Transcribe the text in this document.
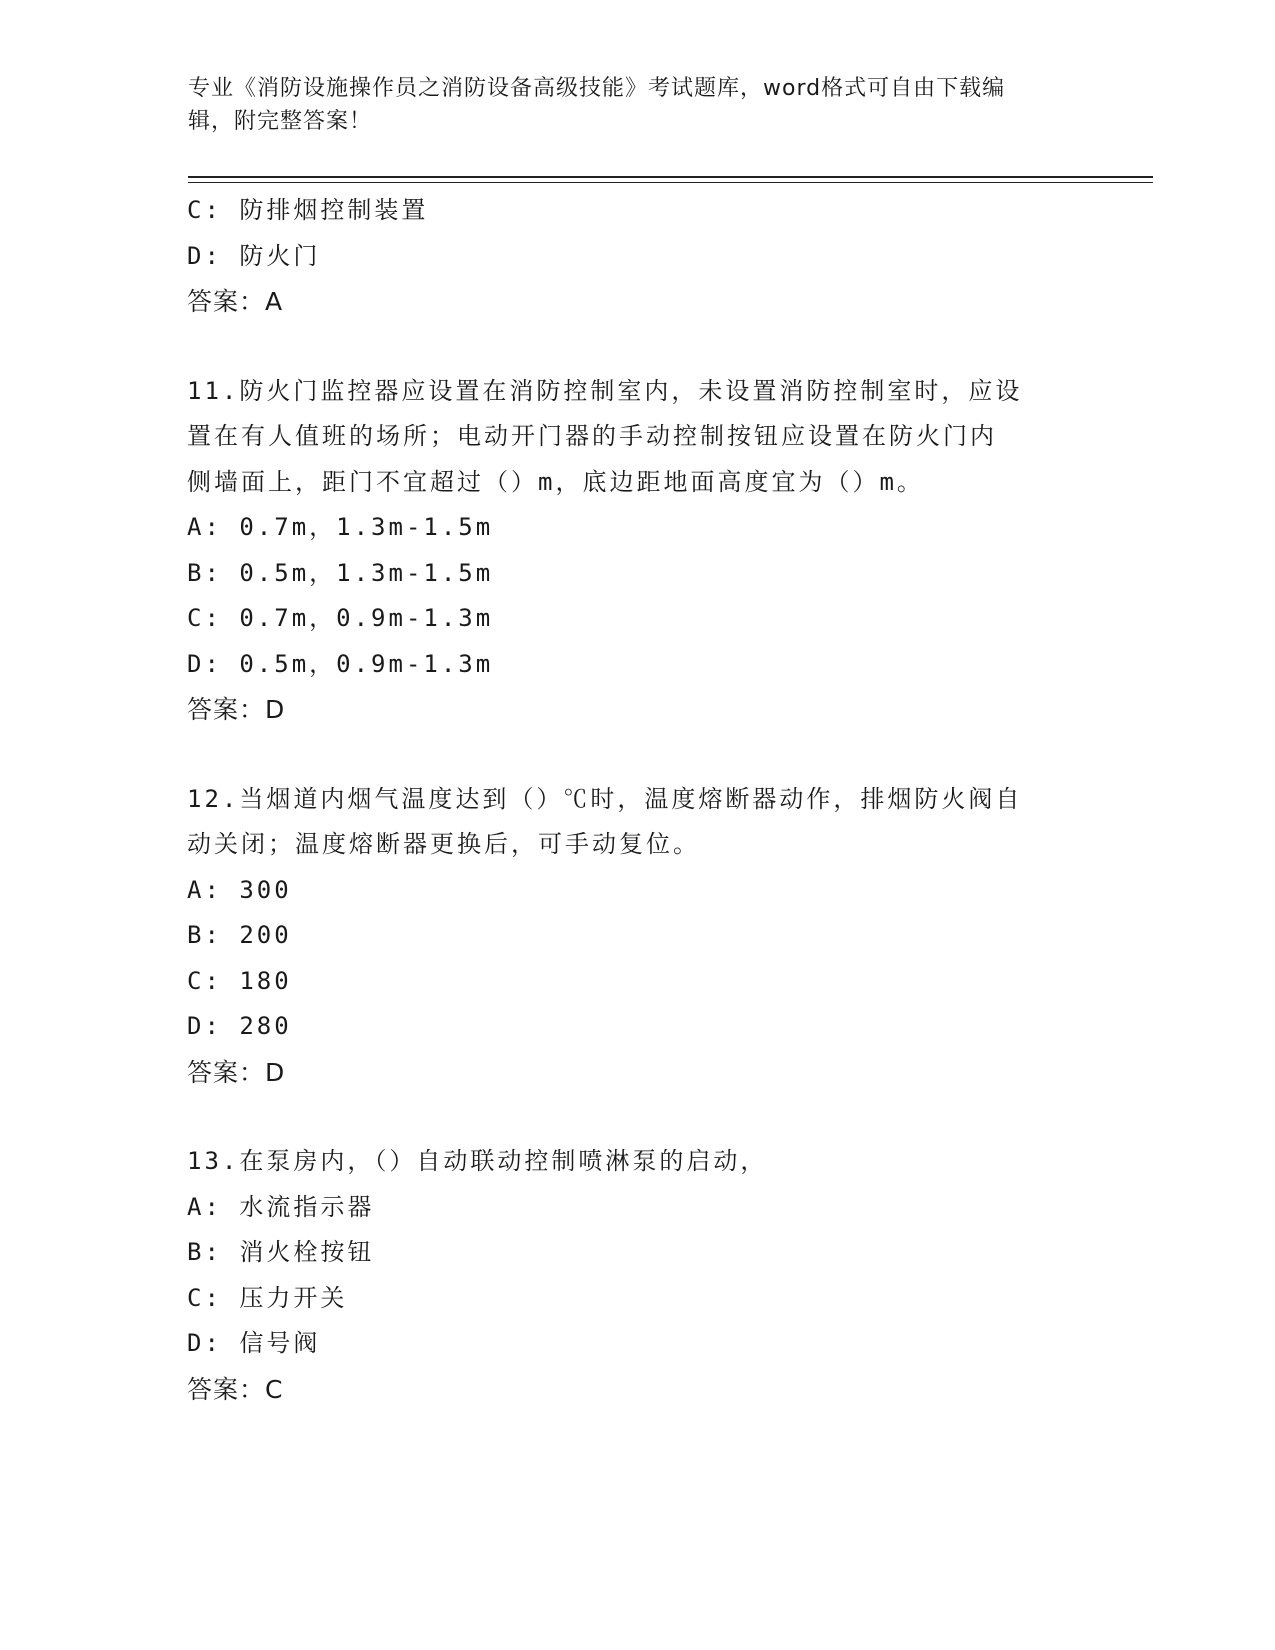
专业《消防设施操作员之消防设备高级技能》考试题库，word格式可自由下载编
辑，附完整答案！
C: 防排烟控制装置
D: 防火门
答案：A
11.防火门监控器应设置在消防控制室内，未设置消防控制室时，应设
置在有人值班的场所；电动开门器的手动控制按钮应设置在防火门内
侧墙面上，距门不宜超过（）m，底边距地面高度宜为（）m。
A: 0.7m，1.3m-1.5m
B: 0.5m，1.3m-1.5m
C: 0.7m，0.9m-1.3m
D: 0.5m，0.9m-1.3m
答案：D
12.当烟道内烟气温度达到（）℃时，温度熔断器动作，排烟防火阀自
动关闭；温度熔断器更换后，可手动复位。
A: 300
B: 200
C: 180
D: 280
答案：D
13.在泵房内，（）自动联动控制喷淋泵的启动，
A: 水流指示器
B: 消火栓按钮
C: 压力开关
D: 信号阀
答案：C
